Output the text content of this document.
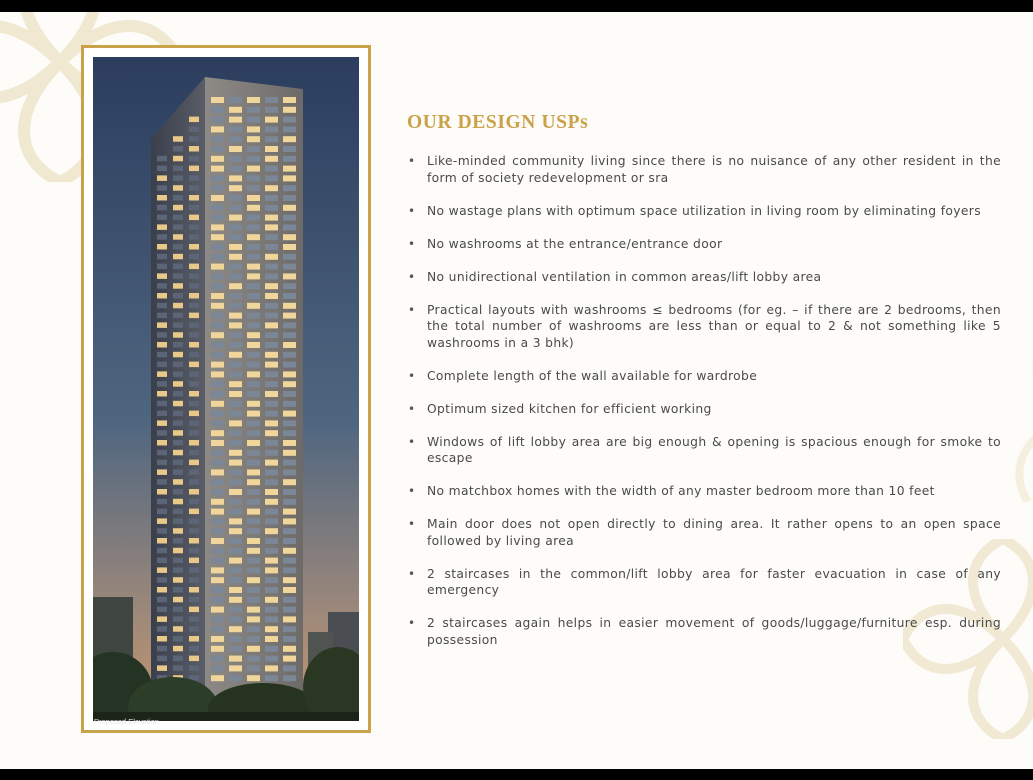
Proposed Elevation
OUR DESIGN USPs
• Like-minded community living since there is no nuisance of any other resident in the form of society redevelopment or sra
• No wastage plans with optimum space utilization in living room by eliminating foyers
• No washrooms at the entrance/entrance door
• No unidirectional ventilation in common areas/lift lobby area
• Practical layouts with washrooms ≤ bedrooms (for eg. – if there are 2 bedrooms, then the total number of washrooms are less than or equal to 2 & not something like 5 washrooms in a 3 bhk)
• Complete length of the wall available for wardrobe
• Optimum sized kitchen for efficient working
• Windows of lift lobby area are big enough & opening is spacious enough for smoke to escape
• No matchbox homes with the width of any master bedroom more than 10 feet
• Main door does not open directly to dining area. It rather opens to an open space followed by living area
• 2 staircases in the common/lift lobby area for faster evacuation in case of any emergency
• 2 staircases again helps in easier movement of goods/luggage/furniture esp. during possession
